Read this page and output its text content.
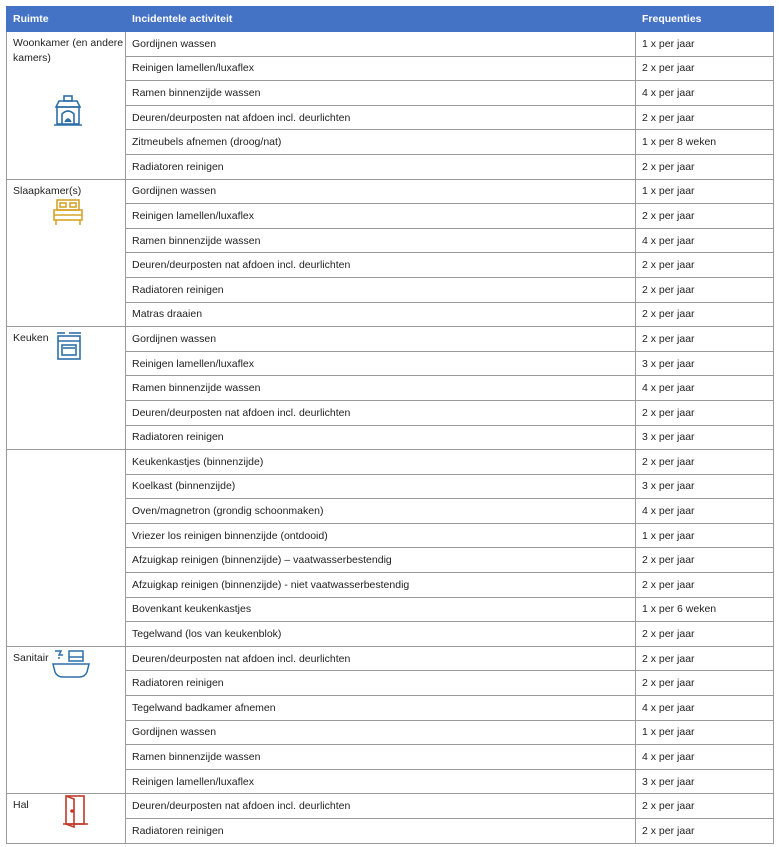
Ruimte	Incidentele activiteit	Frequenties

Woonkamer (en andere kamers)	Gordijnen wassen	1 x per jaar
	Reinigen lamellen/luxaflex	2 x per jaar
	Ramen binnenzijde wassen	4 x per jaar
	Deuren/deurposten nat afdoen incl. deurlichten	2 x per jaar
	Zitmeubels afnemen (droog/nat)	1 x per 8 weken
	Radiatoren reinigen	2 x per jaar

Slaapkamer(s)	Gordijnen wassen	1 x per jaar
	Reinigen lamellen/luxaflex	2 x per jaar
	Ramen binnenzijde wassen	4 x per jaar
	Deuren/deurposten nat afdoen incl. deurlichten	2 x per jaar
	Radiatoren reinigen	2 x per jaar
	Matras draaien	2 x per jaar

Keuken	Gordijnen wassen	2 x per jaar
	Reinigen lamellen/luxaflex	3 x per jaar
	Ramen binnenzijde wassen	4 x per jaar
	Deuren/deurposten nat afdoen incl. deurlichten	2 x per jaar
	Radiatoren reinigen	3 x per jaar

	Keukenkastjes (binnenzijde)	2 x per jaar
	Koelkast (binnenzijde)	3 x per jaar
	Oven/magnetron (grondig schoonmaken)	4 x per jaar
	Vriezer los reinigen binnenzijde (ontdooid)	1 x per jaar
	Afzuigkap reinigen (binnenzijde) – vaatwasserbestendig	2 x per jaar
	Afzuigkap reinigen (binnenzijde) - niet vaatwasserbestendig	2 x per jaar
	Bovenkant keukenkastjes	1 x per 6 weken
	Tegelwand (los van keukenblok)	2 x per jaar

Sanitair	Deuren/deurposten nat afdoen incl. deurlichten	2 x per jaar
	Radiatoren reinigen	2 x per jaar
	Tegelwand badkamer afnemen	4 x per jaar
	Gordijnen wassen	1 x per jaar
	Ramen binnenzijde wassen	4 x per jaar
	Reinigen lamellen/luxaflex	3 x per jaar

Hal	Deuren/deurposten nat afdoen incl. deurlichten	2 x per jaar
	Radiatoren reinigen	2 x per jaar
